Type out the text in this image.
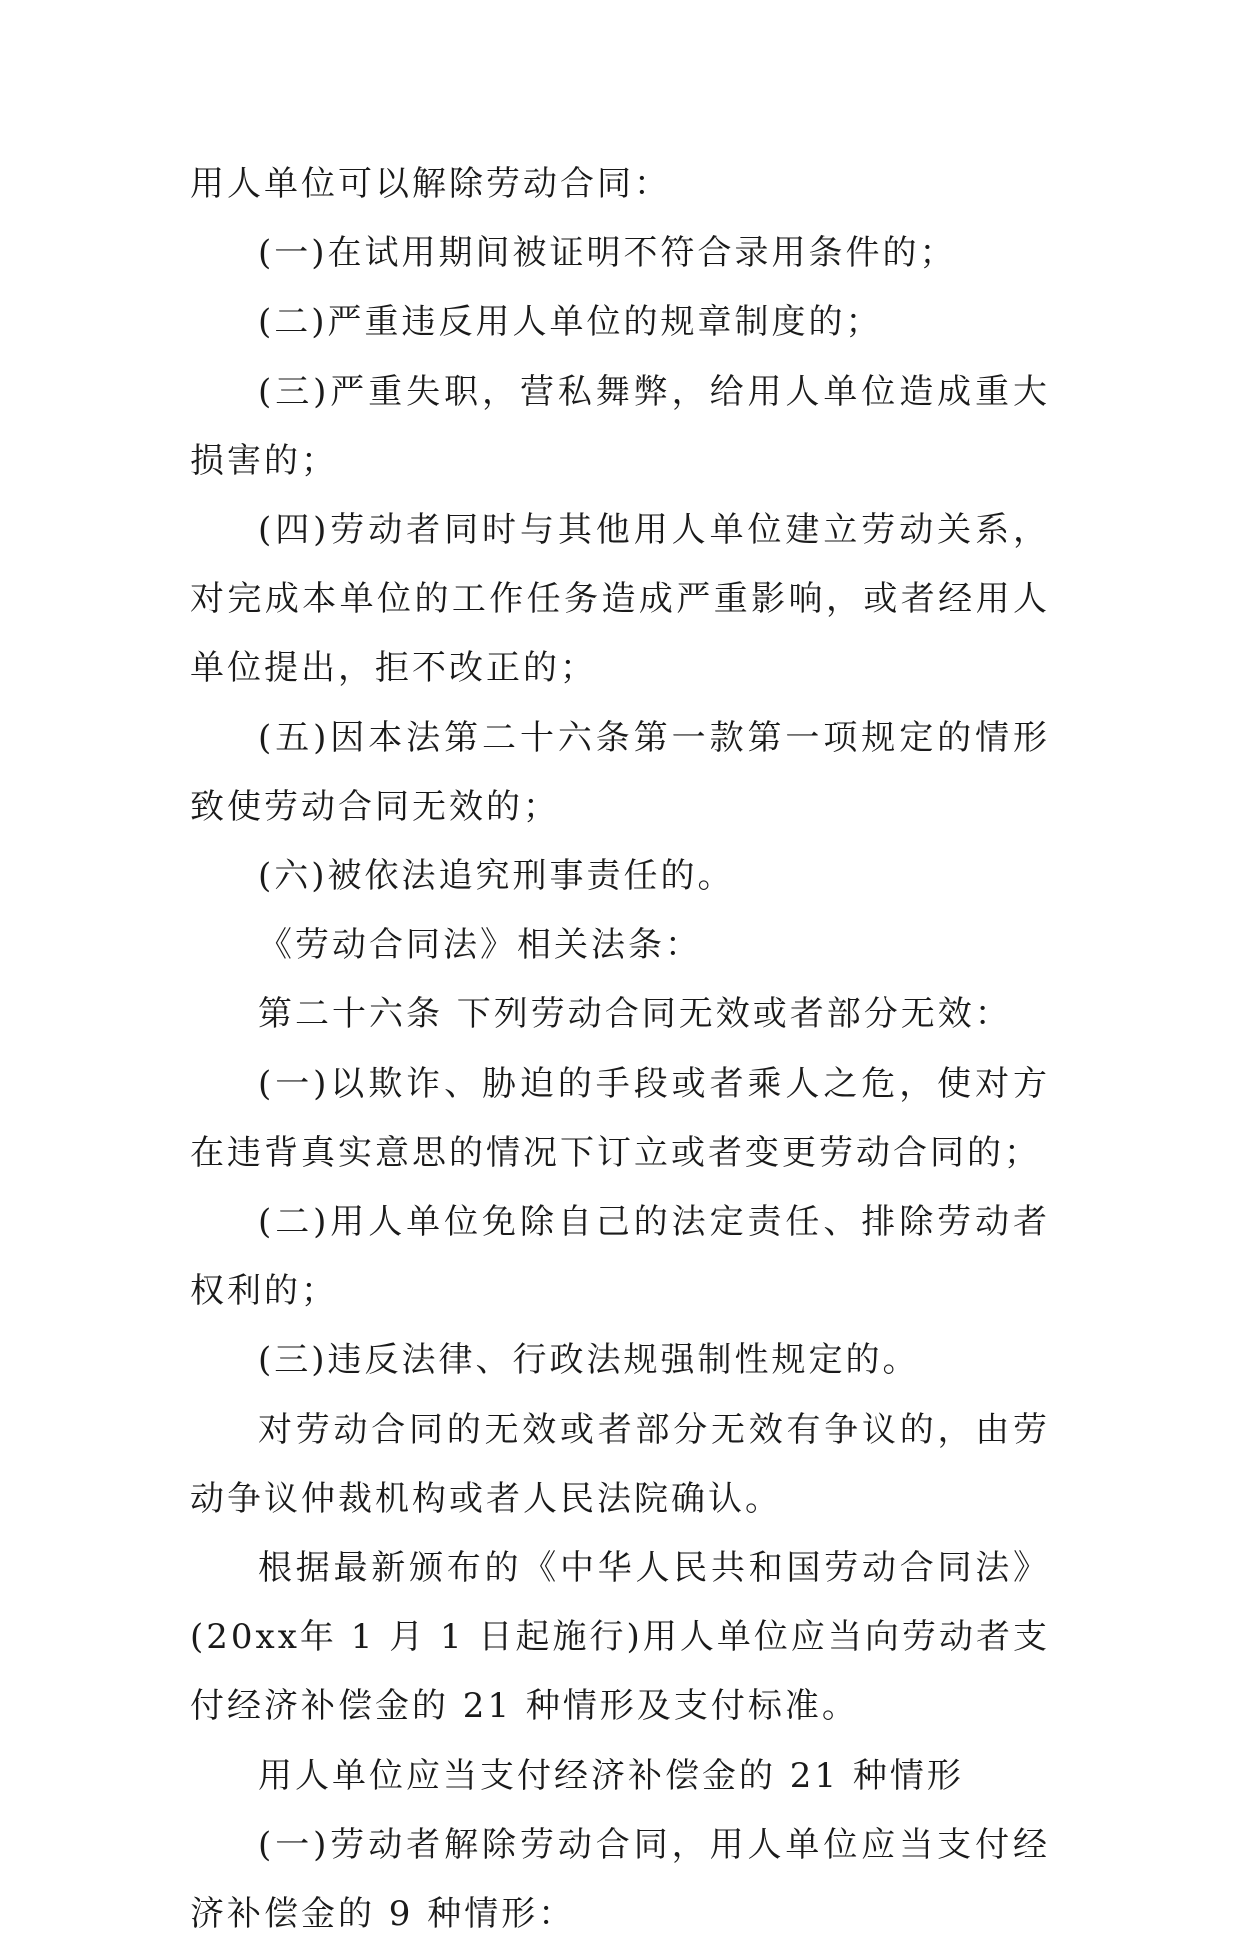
用人单位可以解除劳动合同：

(一)在试用期间被证明不符合录用条件的；

(二)严重违反用人单位的规章制度的；

(三)严重失职，营私舞弊，给用人单位造成重大损害的；

(四)劳动者同时与其他用人单位建立劳动关系，对完成本单位的工作任务造成严重影响，或者经用人单位提出，拒不改正的；

(五)因本法第二十六条第一款第一项规定的情形致使劳动合同无效的；

(六)被依法追究刑事责任的。

《劳动合同法》相关法条：

第二十六条 下列劳动合同无效或者部分无效：

(一)以欺诈、胁迫的手段或者乘人之危，使对方在违背真实意思的情况下订立或者变更劳动合同的；

(二)用人单位免除自己的法定责任、排除劳动者权利的；

(三)违反法律、行政法规强制性规定的。

对劳动合同的无效或者部分无效有争议的，由劳动争议仲裁机构或者人民法院确认。

根据最新颁布的《中华人民共和国劳动合同法》(20xx年 1 月 1 日起施行)用人单位应当向劳动者支付经济补偿金的 21 种情形及支付标准。

用人单位应当支付经济补偿金的 21 种情形

(一)劳动者解除劳动合同，用人单位应当支付经济补偿金的 9 种情形：
